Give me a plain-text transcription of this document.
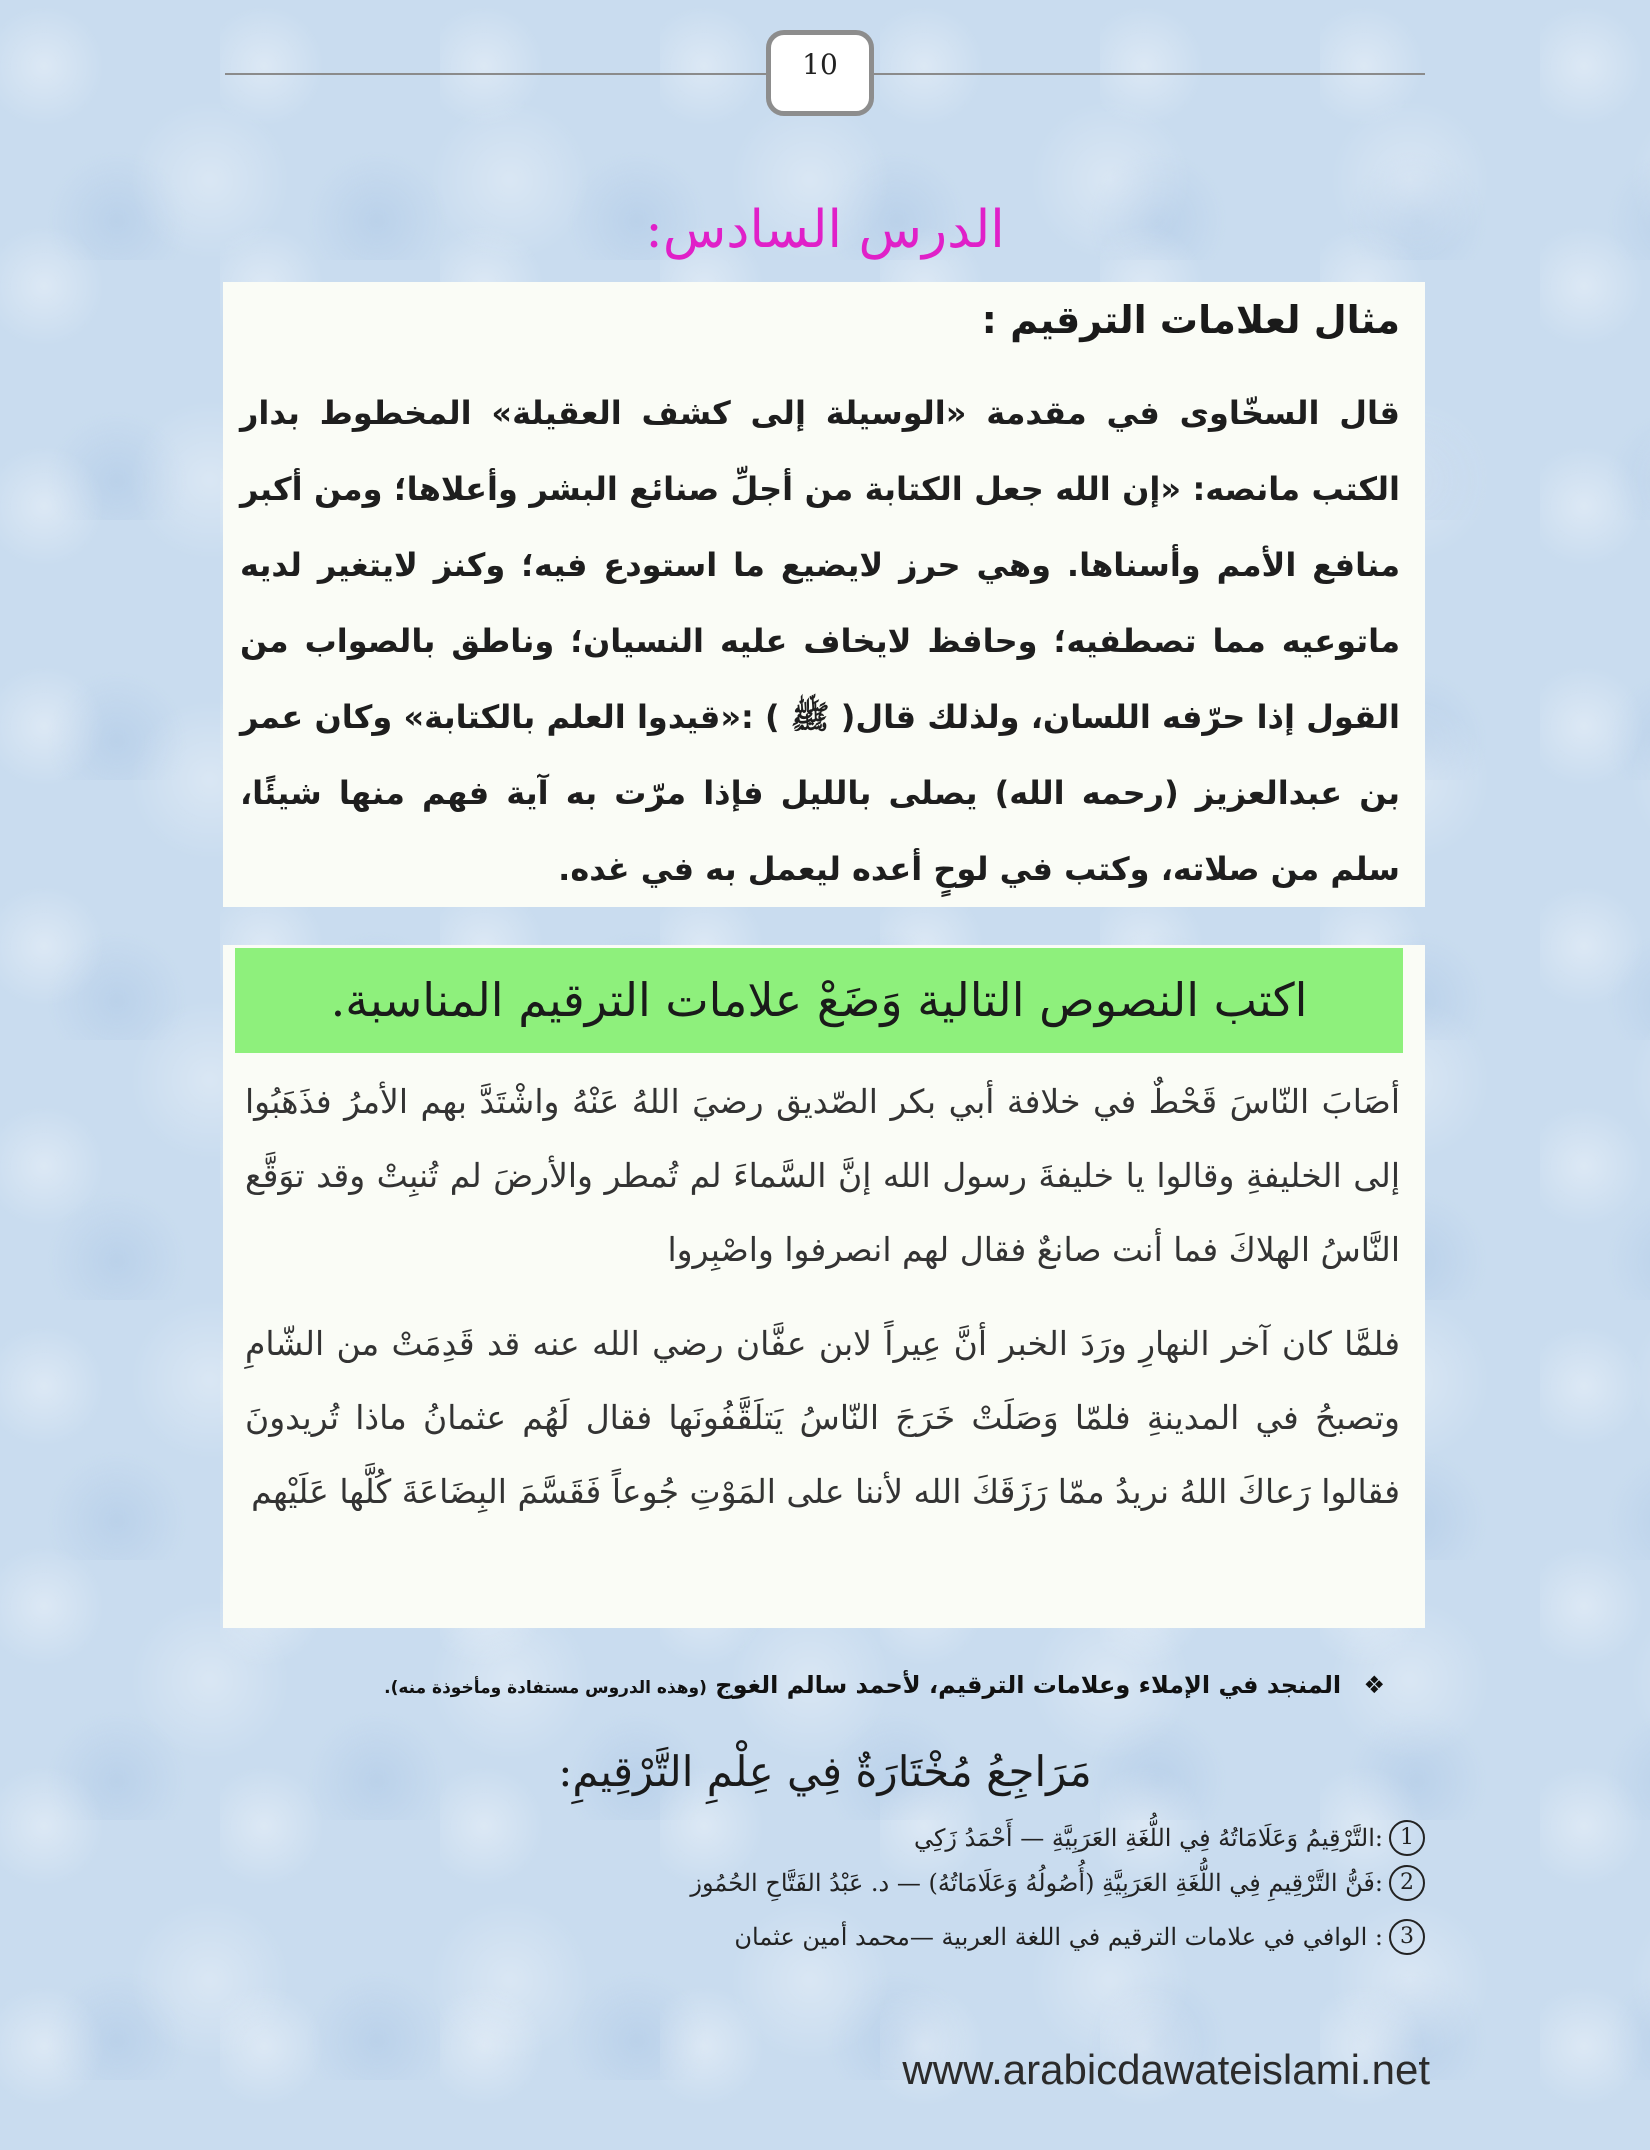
10
الدرس السادس:
مثال لعلامات الترقيم :
قال السخّاوى في مقدمة «الوسيلة إلى كشف العقيلة» المخطوط بدار الكتب مانصه: «إن الله جعل الكتابة من أجلِّ صنائع البشر وأعلاها؛ ومن أكبر منافع الأمم وأسناها. وهي حرز لايضيع ما استودع فيه؛ وكنز لايتغير لديه ماتوعيه مما تصطفيه؛ وحافظ لايخاف عليه النسيان؛ وناطق بالصواب من القول إذا حرّفه اللسان، ولذلك قال( ﷺ ) :«قيدوا العلم بالكتابة» وكان عمر بن عبدالعزيز (رحمه الله) يصلى بالليل فإذا مرّت به آية فهم منها شيئًا، سلم من صلاته، وكتب في لوحٍ أعده ليعمل به في غده.
اكتب النصوص التالية وَضَعْ علامات الترقيم المناسبة.

أصَابَ النّاسَ قَحْطٌ في خلافة أبي بكر الصّديق رضيَ اللهُ عَنْهُ واشْتَدَّ بهم الأمرُ فذَهَبُوا إلى الخليفةِ وقالوا يا خليفةَ رسول الله إنَّ السَّماءَ لم تُمطر والأرضَ لم تُنبِتْ وقد توَقَّع النَّاسُ الهلاكَ فما أنت صانعٌ فقال لهم انصرفوا واصْبِروا

فلمَّا كان آخر النهارِ ورَدَ الخبر أنَّ عِيراً لابن عفَّان رضي الله عنه قد قَدِمَتْ من الشّامِ وتصبحُ في المدينةِ فلمّا وَصَلَتْ خَرَجَ النّاسُ يَتلَقَّفُونَها فقال لَهُم عثمانُ ماذا تُريدونَ فقالوا رَعاكَ اللهُ نريدُ ممّا رَزَقَكَ الله لأننا على المَوْتِ جُوعاً فَقَسَّمَ البِضَاعَةَ كُلَّها عَلَيْهم

❖ المنجد في الإملاء وعلامات الترقيم، لأحمد سالم الغوج (وهذه الدروس مستفادة ومأخوذة منه).
مَرَاجِعُ مُخْتَارَةٌ فِي عِلْمِ التَّرْقِيمِ:
1
:التَّرْقِيمُ وَعَلَامَاتُهُ فِي اللُّغَةِ العَرَبِيَّةِ — أَحْمَدُ زَكِي
2
:فَنُّ التَّرْقِيمِ فِي اللُّغَةِ العَرَبِيَّةِ (أُصُولُهُ وَعَلَامَاتُهُ) — د. عَبْدُ الفَتَّاحِ الحُمُوز
3
: الوافي في علامات الترقيم في اللغة العربية —محمد أمين عثمان
www.arabicdawateislami.net
